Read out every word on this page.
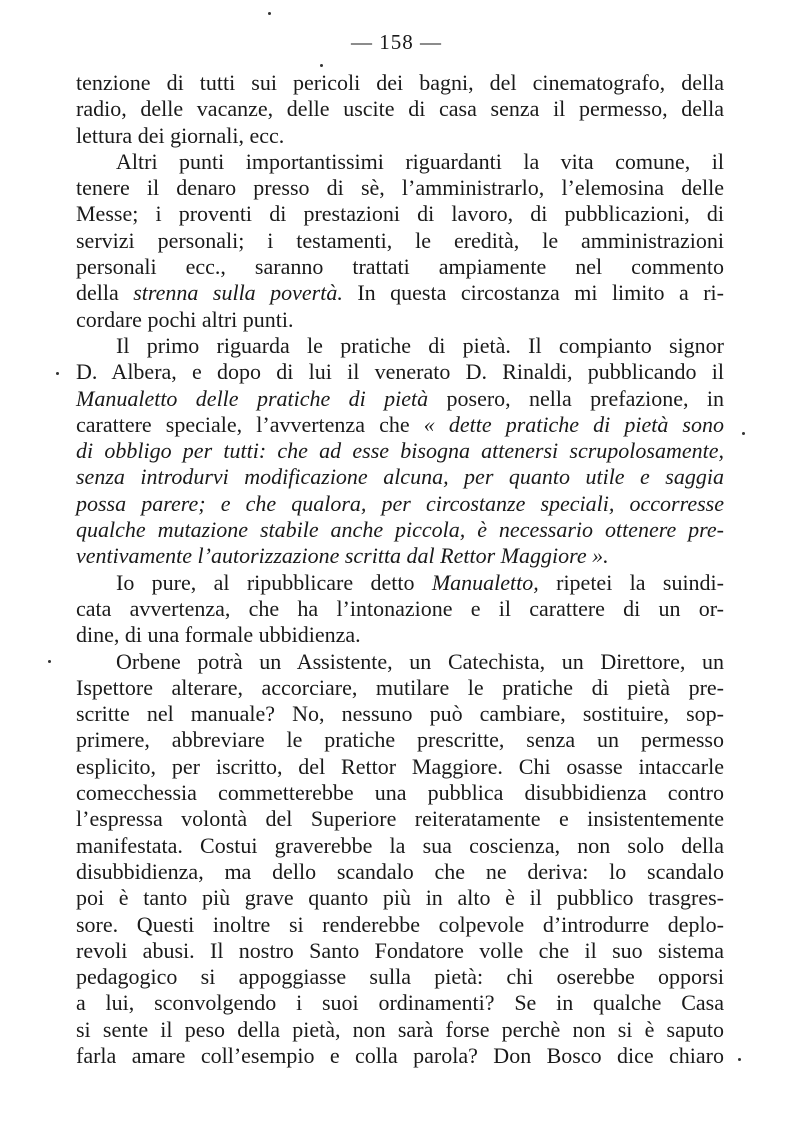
— 158 —
tenzione di tutti sui pericoli dei bagni, del cinematografo, della
radio, delle vacanze, delle uscite di casa senza il permesso, della
lettura dei giornali, ecc.
Altri punti importantissimi riguardanti la vita comune, il
tenere il denaro presso di sè, l’amministrarlo, l’elemosina delle
Messe; i proventi di prestazioni di lavoro, di pubblicazioni, di
servizi personali; i testamenti, le eredità, le amministrazioni
personali ecc., saranno trattati ampiamente nel commento
della strenna sulla povertà. In questa circostanza mi limito a ri-
cordare pochi altri punti.
Il primo riguarda le pratiche di pietà. Il compianto signor
D. Albera, e dopo di lui il venerato D. Rinaldi, pubblicando il
Manualetto delle pratiche di pietà posero, nella prefazione, in
carattere speciale, l’avvertenza che « dette pratiche di pietà sono
di obbligo per tutti: che ad esse bisogna attenersi scrupolosamente,
senza introdurvi modificazione alcuna, per quanto utile e saggia
possa parere; e che qualora, per circostanze speciali, occorresse
qualche mutazione stabile anche piccola, è necessario ottenere pre-
ventivamente l’autorizzazione scritta dal Rettor Maggiore ».
Io pure, al ripubblicare detto Manualetto, ripetei la suindi-
cata avvertenza, che ha l’intonazione e il carattere di un or-
dine, di una formale ubbidienza.
Orbene potrà un Assistente, un Catechista, un Direttore, un
Ispettore alterare, accorciare, mutilare le pratiche di pietà pre-
scritte nel manuale? No, nessuno può cambiare, sostituire, sop-
primere, abbreviare le pratiche prescritte, senza un permesso
esplicito, per iscritto, del Rettor Maggiore. Chi osasse intaccarle
comecchessia commetterebbe una pubblica disubbidienza contro
l’espressa volontà del Superiore reiteratamente e insistentemente
manifestata. Costui graverebbe la sua coscienza, non solo della
disubbidienza, ma dello scandalo che ne deriva: lo scandalo
poi è tanto più grave quanto più in alto è il pubblico trasgres-
sore. Questi inoltre si renderebbe colpevole d’introdurre deplo-
revoli abusi. Il nostro Santo Fondatore volle che il suo sistema
pedagogico si appoggiasse sulla pietà: chi oserebbe opporsi
a lui, sconvolgendo i suoi ordinamenti? Se in qualche Casa
si sente il peso della pietà, non sarà forse perchè non si è saputo
farla amare coll’esempio e colla parola? Don Bosco dice chiaro
